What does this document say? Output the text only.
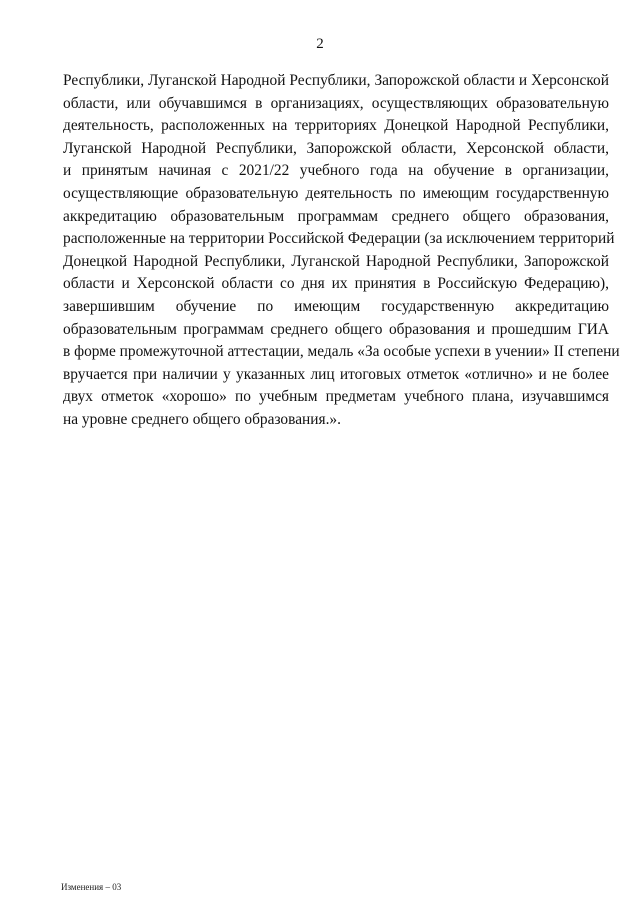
2
Республики, Луганской Народной Республики, Запорожской области и Херсонской
области, или обучавшимся в организациях, осуществляющих образовательную
деятельность, расположенных на территориях Донецкой Народной Республики,
Луганской Народной Республики, Запорожской области, Херсонской области,
и принятым начиная с 2021/22 учебного года на обучение в организации,
осуществляющие образовательную деятельность по имеющим государственную
аккредитацию образовательным программам среднего общего образования,
расположенные на территории Российской Федерации (за исключением территорий
Донецкой Народной Республики, Луганской Народной Республики, Запорожской
области и Херсонской области со дня их принятия в Российскую Федерацию),
завершившим обучение по имеющим государственную аккредитацию
образовательным программам среднего общего образования и прошедшим ГИА
в форме промежуточной аттестации, медаль «За особые успехи в учении» II степени
вручается при наличии у указанных лиц итоговых отметок «отлично» и не более
двух отметок «хорошо» по учебным предметам учебного плана, изучавшимся
на уровне среднего общего образования.».
Изменения – 03
